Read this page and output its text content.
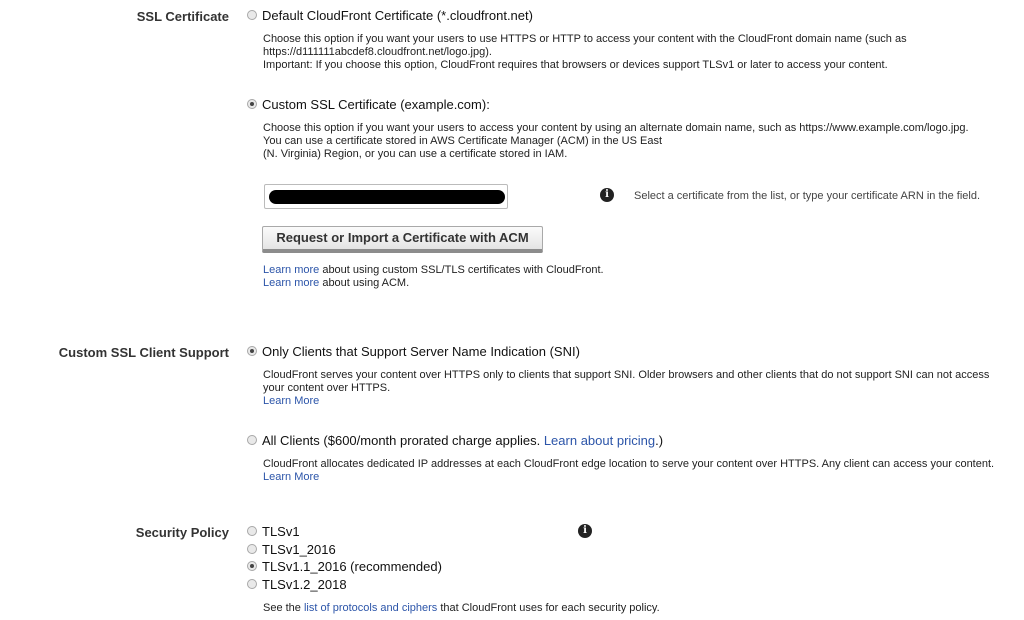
SSL Certificate	Default CloudFront Certificate (*.cloudfront.net)

Choose this option if you want your users to use HTTPS or HTTP to access your content with the CloudFront domain name (such as

https://d111111abcdef8.cloudfront.net/logo.jpg).

Important: If you choose this option, CloudFront requires that browsers or devices support TLSv1 or later to access your content.

Custom SSL Certificate (example.com):

Choose this option if you want your users to access your content by using an alternate domain name, such as https://www.example.com/logo.jpg.

You can use a certificate stored in AWS Certificate Manager (ACM) in the US East

(N. Virginia) Region, or you can use a certificate stored in IAM.

i	Select a certificate from the list, or type your certificate ARN in the field.
Request or Import a Certificate with ACM
Learn more about using custom SSL/TLS certificates with CloudFront.
Learn more about using ACM.
Custom SSL Client Support	Only Clients that Support Server Name Indication (SNI)

CloudFront serves your content over HTTPS only to clients that support SNI. Older browsers and other clients that do not support SNI can not access

your content over HTTPS.

Learn More

All Clients ($600/month prorated charge applies. Learn about pricing.)

CloudFront allocates dedicated IP addresses at each CloudFront edge location to serve your content over HTTPS. Any client can access your content.

Learn More

Security Policy	i
TLSv1
TLSv1_2016
TLSv1.1_2016 (recommended)
TLSv1.2_2018
See the list of protocols and ciphers that CloudFront uses for each security policy.
